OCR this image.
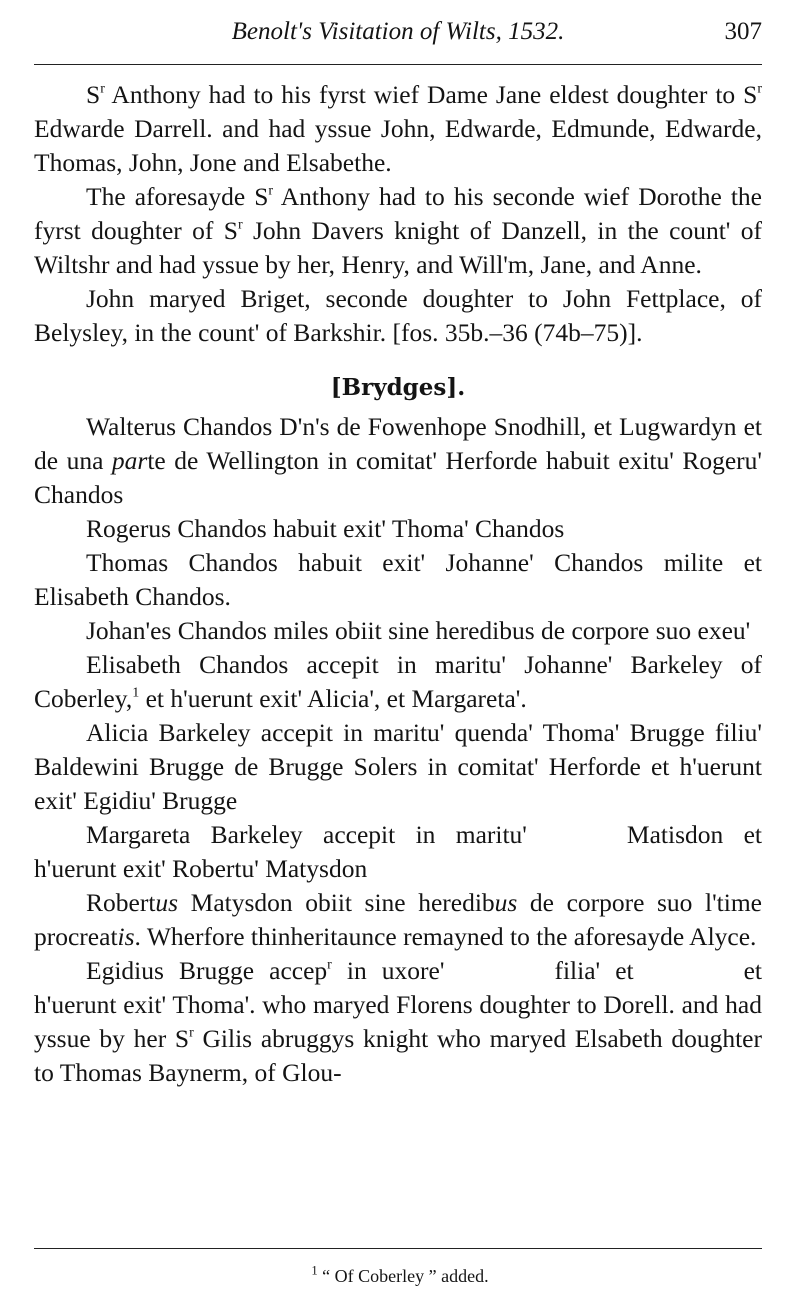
Benolt's Visitation of Wilts, 1532.	307

$S^r$ Anthony had to his fyrst wief Dame Jane eldest doughter to $S^r$ Edwarde Darrell. and had yssue John, Edwarde, Edmunde, Edwarde, Thomas, John, Jone and Elsabethe.

The aforesayde $S^r$ Anthony had to his seconde wief Dorothe the fyrst doughter of $S^r$ John Davers knight of Danzell, in the count' of Wiltshr and had yssue by her, Henry, and Will'm, Jane, and Anne.

John maryed Briget, seconde doughter to John Fettplace, of Belysley, in the count' of Barkshir. [fos. 35b.–36 (74b–75)].

[Brydges].

Walterus Chandos D'n's de Fowenhope Snodhill, et Lugwardyn et de una parte de Wellington in comitat' Herforde habuit exitu' Rogeru' Chandos

Rogerus Chandos habuit exit' Thoma' Chandos

Thomas Chandos habuit exit' Johanne' Chandos milite et Elisabeth Chandos.

Johan'es Chandos miles obiit sine heredibus de corpore suo exeu'

Elisabeth Chandos accepit in maritu' Johanne' Barkeley of Coberley,$^1$ et h'uerunt exit' Alicia', et Margareta'.

Alicia Barkeley accepit in maritu' quenda' Thoma' Brugge filiu' Baldewini Brugge de Brugge Solers in comitat' Herforde et h'uerunt exit' Egidiu' Brugge

Margareta Barkeley accepit in maritu'	Matisdon et h'uerunt exit' Robertu' Matysdon

Robertus Matysdon obiit sine heredibus de corpore suo l'time procreatis. Wherfore thinheritaunce remayned to the aforesayde Alyce.

Egidius Brugge accep$^r$ in uxore'	filia' et	et h'uerunt exit' Thoma'. who maryed Florens doughter to Dorell. and had yssue by her $S^r$ Gilis abruggys knight who maryed Elsabeth doughter to Thomas Baynerm, of Glou-

$^1$ “ Of Coberley ” added.
